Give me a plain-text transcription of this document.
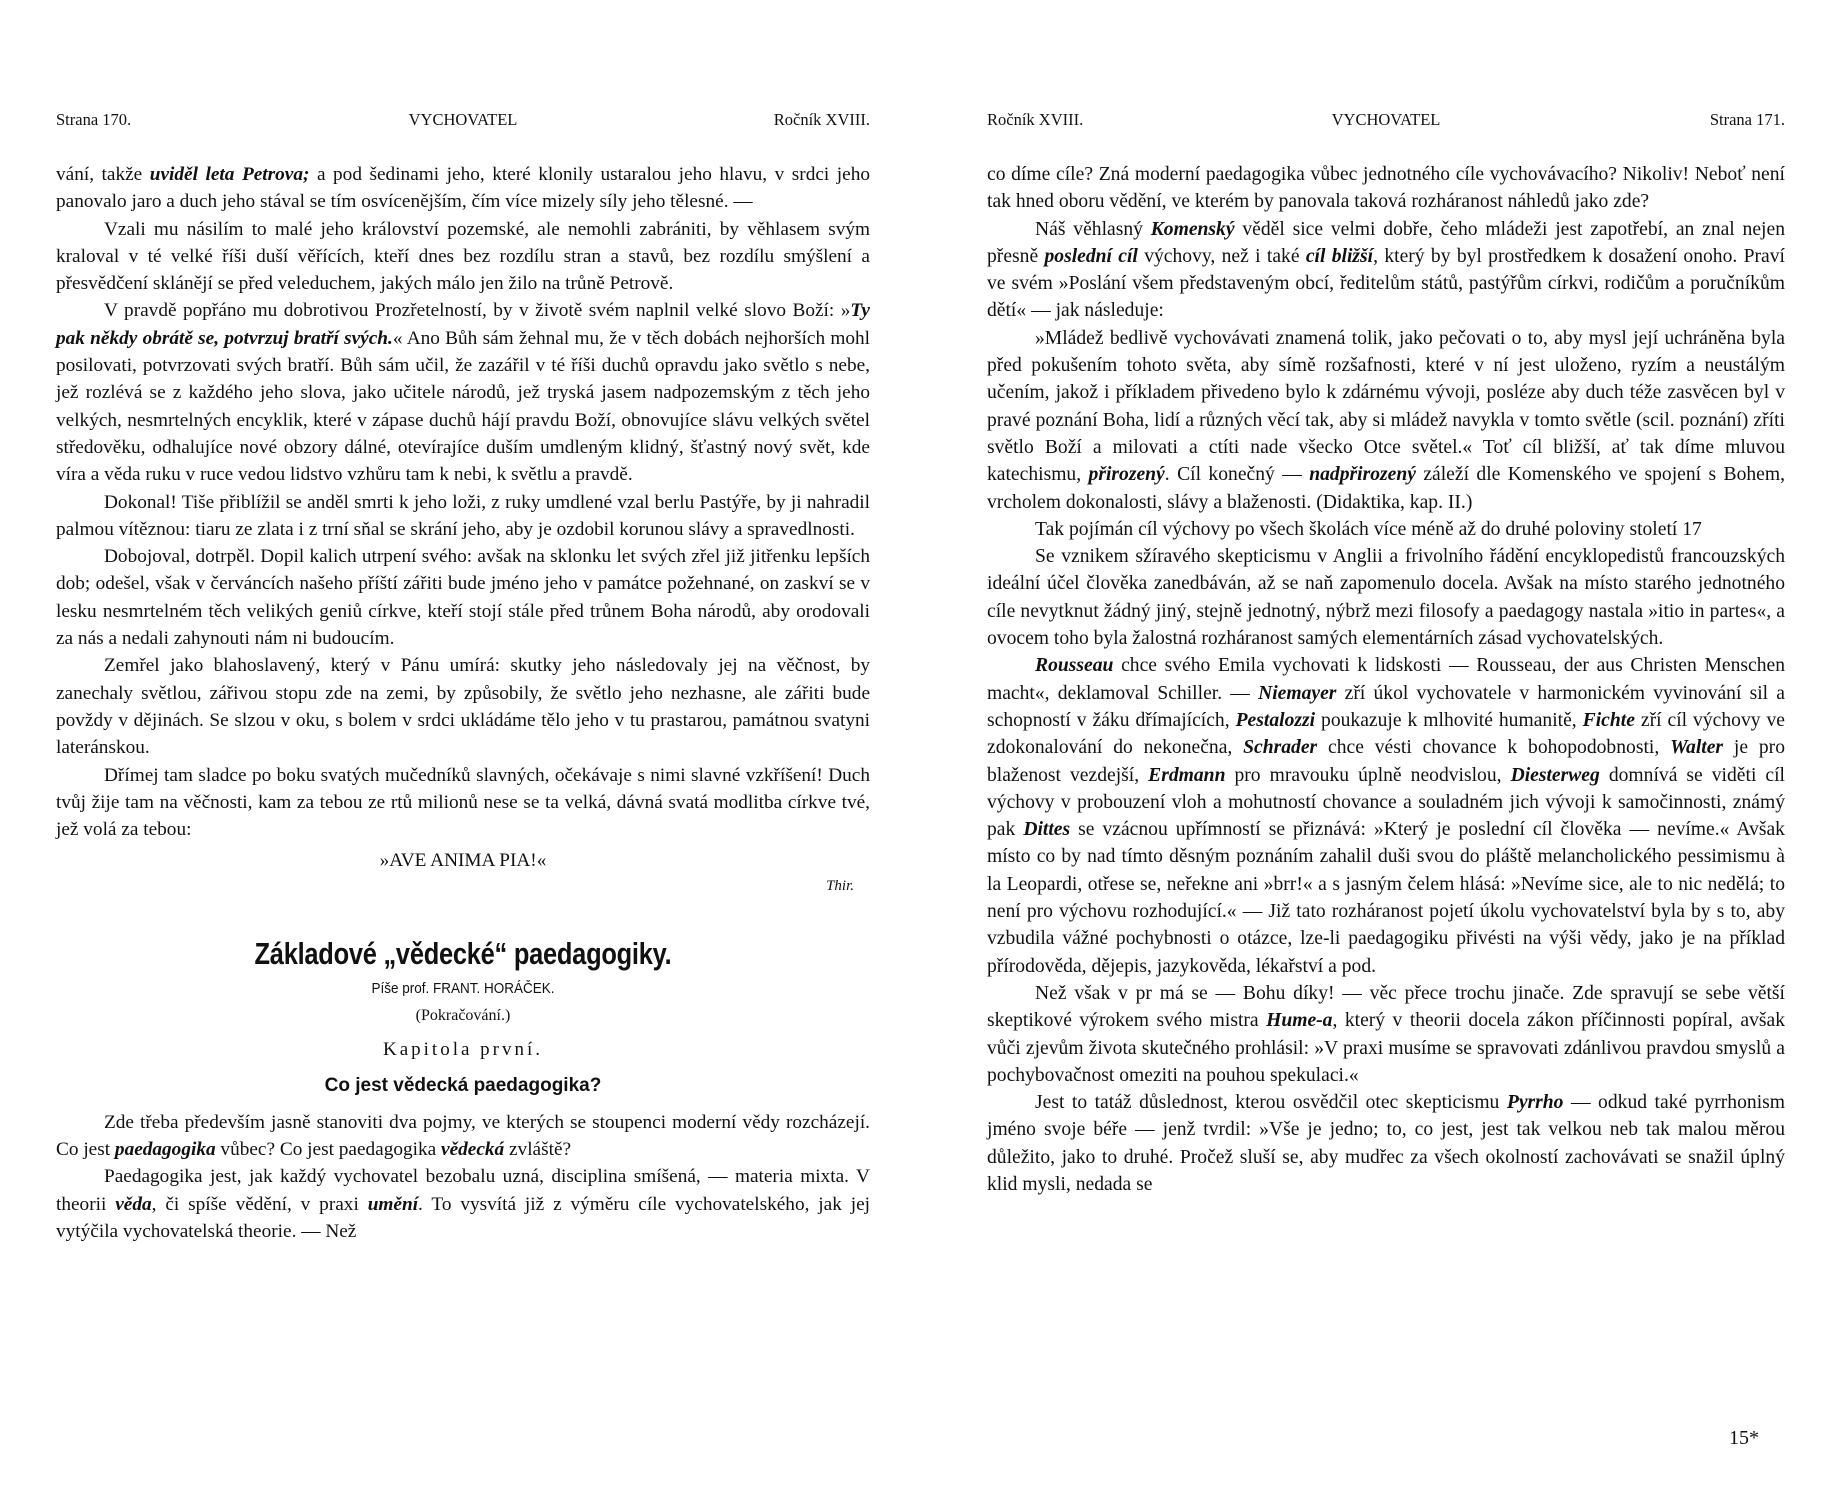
Strana 170.	VYCHOVATEL	Ročník XVIII.

vání, takže uviděl leta Petrova; a pod šedinami jeho, které klonily ustaralou jeho hlavu, v srdci jeho panovalo jaro a duch jeho stával se tím osvícenějším, čím více mizely síly jeho tělesné. —

Vzali mu násilím to malé jeho království pozemské, ale nemohli zabrániti, by věhlasem svým kraloval v té velké říši duší věřících, kteří dnes bez rozdílu stran a stavů, bez rozdílu smýšlení a přesvědčení sklánějí se před veleduchem, jakých málo jen žilo na trůně Petrově.

V pravdě popřáno mu dobrotivou Prozřetelností, by v životě svém naplnil velké slovo Boží: »Ty pak někdy obrátě se, potvrzuj bratří svých.« Ano Bůh sám žehnal mu, že v těch dobách nejhorších mohl posilovati, potvrzovati svých bratří. Bůh sám učil, že zazářil v té říši duchů opravdu jako světlo s nebe, jež rozlévá se z každého jeho slova, jako učitele národů, jež tryská jasem nadpozemským z těch jeho velkých, nesmrtelných encyklik, které v zápase duchů hájí pravdu Boží, obnovujíce slávu velkých světel středověku, odhalujíce nové obzory dálné, otevírajíce duším umdleným klidný, šťastný nový svět, kde víra a věda ruku v ruce vedou lidstvo vzhůru tam k nebi, k světlu a pravdě.

Dokonal! Tiše přiblížil se anděl smrti k jeho loži, z ruky umdlené vzal berlu Pastýře, by ji nahradil palmou vítěznou: tiaru ze zlata i z trní sňal se skrání jeho, aby je ozdobil korunou slávy a spravedlnosti.

Dobojoval, dotrpěl. Dopil kalich utrpení svého: avšak na sklonku let svých zřel již jitřenku lepších dob; odešel, však v červáncích našeho příští zářiti bude jméno jeho v památce požehnané, on zaskví se v lesku nesmrtelném těch velikých geniů církve, kteří stojí stále před trůnem Boha národů, aby orodovali za nás a nedali zahynouti nám ni budoucím.

Zemřel jako blahoslavený, který v Pánu umírá: skutky jeho následovaly jej na věčnost, by zanechaly světlou, zářivou stopu zde na zemi, by způsobily, že světlo jeho nezhasne, ale zářiti bude povždy v dějinách. Se slzou v oku, s bolem v srdci ukládáme tělo jeho v tu prastarou, památnou svatyni lateránskou.

Dřímej tam sladce po boku svatých mučedníků slavných, očekávaje s nimi slavné vzkříšení! Duch tvůj žije tam na věčnosti, kam za tebou ze rtů milionů nese se ta velká, dávná svatá modlitba církve tvé, jež volá za tebou:

»AVE ANIMA PIA!«

Thir.

Základové „vědecké“ paedagogiky.
Píše prof. FRANT. HORÁČEK.
(Pokračování.)
Kapitola první.
Co jest vědecká paedagogika?

Zde třeba především jasně stanoviti dva pojmy, ve kterých se stoupenci moderní vědy rozcházejí. Co jest paedagogika vůbec? Co jest paedagogika vědecká zvláště?

Paedagogika jest, jak každý vychovatel bezobalu uzná, disciplina smíšená, — materia mixta. V theorii věda, či spíše vědění, v praxi umění. To vysvítá již z výměru cíle vychovatelského, jak jej vytýčila vychovatelská theorie. — Než

Ročník XVIII.	VYCHOVATEL	Strana 171.

co díme cíle? Zná moderní paedagogika vůbec jednotného cíle vychovávacího? Nikoliv! Neboť není tak hned oboru vědění, ve kterém by panovala taková rozháranost náhledů jako zde?

Náš věhlasný Komenský věděl sice velmi dobře, čeho mládeži jest zapotřebí, an znal nejen přesně poslední cíl výchovy, než i také cíl bližší, který by byl prostředkem k dosažení onoho. Praví ve svém »Poslání všem představeným obcí, ředitelům států, pastýřům církvi, rodičům a poručníkům dětí« — jak následuje:

»Mládež bedlivě vychovávati znamená tolik, jako pečovati o to, aby mysl její uchráněna byla před pokušením tohoto světa, aby símě rozšafnosti, které v ní jest uloženo, ryzím a neustálým učením, jakož i příkladem přivedeno bylo k zdárnému vývoji, posléze aby duch téže zasvěcen byl v pravé poznání Boha, lidí a různých věcí tak, aby si mládež navykla v tomto světle (scil. poznání) zříti světlo Boží a milovati a ctíti nade všecko Otce světel.« Toť cíl bližší, ať tak díme mluvou katechismu, přirozený. Cíl konečný — nadpřirozený záleží dle Komenského ve spojení s Bohem, vrcholem dokonalosti, slávy a blaženosti. (Didaktika, kap. II.)

Tak pojímán cíl výchovy po všech školách více méně až do druhé poloviny století 17

Se vznikem sžíravého skepticismu v Anglii a frivolního řádění encyklopedistů francouzských ideální účel člověka zanedbáván, až se naň zapomenulo docela. Avšak na místo starého jednotného cíle nevytknut žádný jiný, stejně jednotný, nýbrž mezi filosofy a paedagogy nastala »itio in partes«, a ovocem toho byla žalostná rozháranost samých elementárních zásad vychovatelských.

Rousseau chce svého Emila vychovati k lidskosti — Rousseau, der aus Christen Menschen macht«, deklamoval Schiller. — Niemayer zří úkol vychovatele v harmonickém vyvinování sil a schopností v žáku dřímajících, Pestalozzi poukazuje k mlhovité humanitě, Fichte zří cíl výchovy ve zdokonalování do nekonečna, Schrader chce vésti chovance k bohopodobnosti, Walter je pro blaženost vezdejší, Erdmann pro mravouku úplně neodvislou, Diesterweg domnívá se viděti cíl výchovy v probouzení vloh a mohutností chovance a souladném jich vývoji k samočinnosti, známý pak Dittes se vzácnou upřímností se přiznává: »Který je poslední cíl člověka — nevíme.« Avšak místo co by nad tímto děsným poznáním zahalil duši svou do pláště melancholického pessimismu à la Leopardi, otřese se, neřekne ani »brr!« a s jasným čelem hlásá: »Nevíme sice, ale to nic nedělá; to není pro výchovu rozhodující.« — Již tato rozháranost pojetí úkolu vychovatelství byla by s to, aby vzbudila vážné pochybnosti o otázce, lze-li paedagogiku přivésti na výši vědy, jako je na příklad přírodověda, dějepis, jazykověda, lékařství a pod.

Než však v pr má se — Bohu díky! — věc přece trochu jinače. Zde spravují se sebe větší skeptikové výrokem svého mistra Hume-a, který v theorii docela zákon příčinnosti popíral, avšak vůči zjevům života skutečného prohlásil: »V praxi musíme se spravovati zdánlivou pravdou smyslů a pochybovačnost omeziti na pouhou spekulaci.«

Jest to tatáž důslednost, kterou osvědčil otec skepticismu Pyrrho — odkud také pyrrhonism jméno svoje béře — jenž tvrdil: »Vše je jedno; to, co jest, jest tak velkou neb tak malou měrou důležito, jako to druhé. Pročež sluší se, aby mudřec za všech okolností zachovávati se snažil úplný klid mysli, nedada se

15*
